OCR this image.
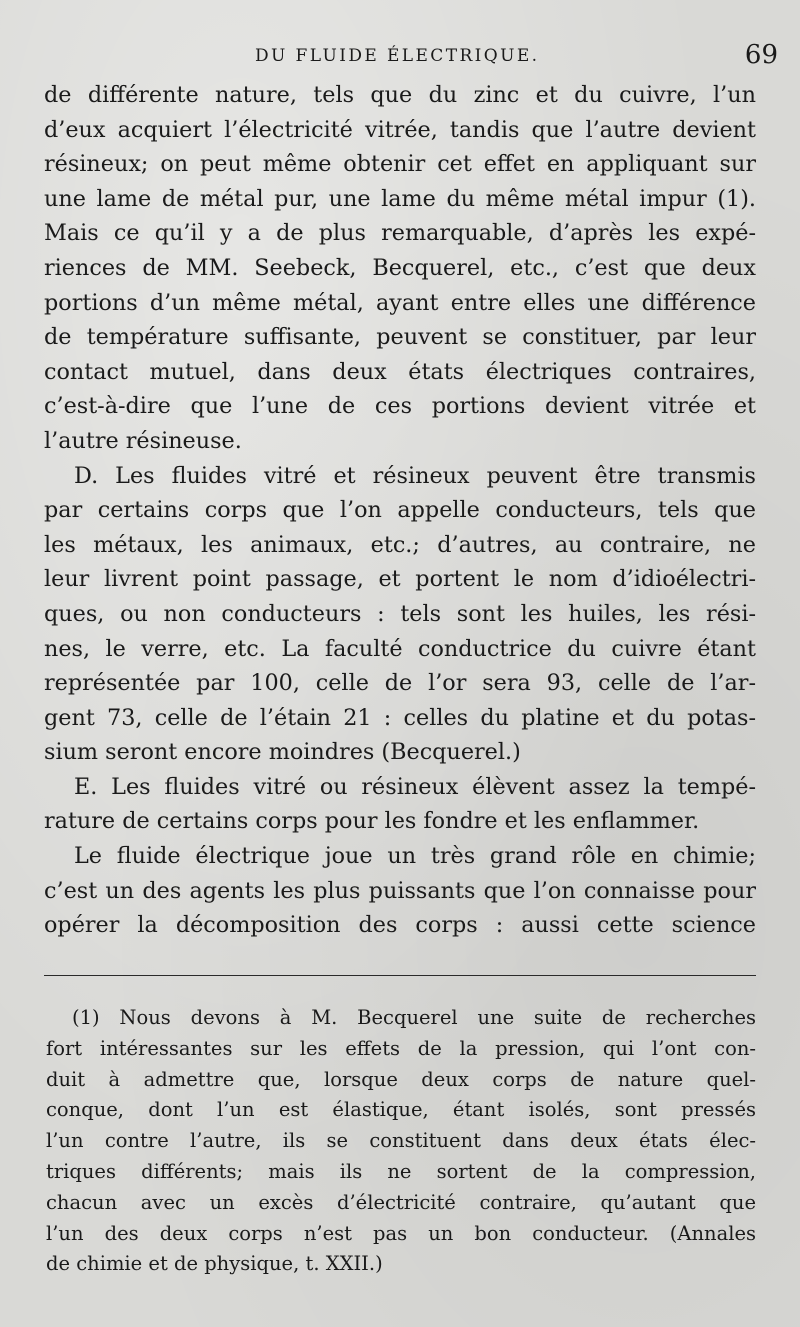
DU FLUIDE ÉLECTRIQUE.	69
de différente nature, tels que du zinc et du cuivre, l’un
d’eux acquiert l’électricité vitrée, tandis que l’autre devient
résineux; on peut même obtenir cet effet en appliquant sur
une lame de métal pur, une lame du même métal impur (1).
Mais ce qu’il y a de plus remarquable, d’après les expé-
riences de MM. Seebeck, Becquerel, etc., c’est que deux
portions d’un même métal, ayant entre elles une différence
de température suffisante, peuvent se constituer, par leur
contact mutuel, dans deux états électriques contraires,
c’est-à-dire que l’une de ces portions devient vitrée et
l’autre résineuse.
D. Les fluides vitré et résineux peuvent être transmis
par certains corps que l’on appelle conducteurs, tels que
les métaux, les animaux, etc.; d’autres, au contraire, ne
leur livrent point passage, et portent le nom d’idioélectri-
ques, ou non conducteurs : tels sont les huiles, les rési-
nes, le verre, etc. La faculté conductrice du cuivre étant
représentée par 100, celle de l’or sera 93, celle de l’ar-
gent 73, celle de l’étain 21 : celles du platine et du potas-
sium seront encore moindres (Becquerel.)
E. Les fluides vitré ou résineux élèvent assez la tempé-
rature de certains corps pour les fondre et les enflammer.
Le fluide électrique joue un très grand rôle en chimie;
c’est un des agents les plus puissants que l’on connaisse pour
opérer la décomposition des corps : aussi cette science
(1) Nous devons à M. Becquerel une suite de recherches
fort intéressantes sur les effets de la pression, qui l’ont con-
duit à admettre que, lorsque deux corps de nature quel-
conque, dont l’un est élastique, étant isolés, sont pressés
l’un contre l’autre, ils se constituent dans deux états élec-
triques différents; mais ils ne sortent de la compression,
chacun avec un excès d’électricité contraire, qu’autant que
l’un des deux corps n’est pas un bon conducteur. (Annales
de chimie et de physique, t. XXII.)
